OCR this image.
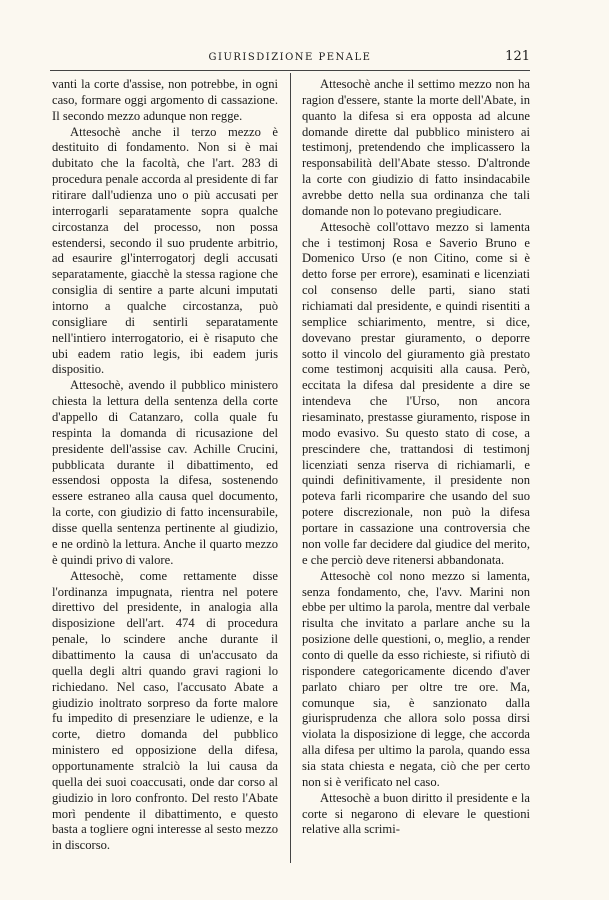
GIURISDIZIONE PENALE	121

vanti la corte d'assise, non potrebbe, in ogni caso, formare oggi argomento di cassazione. Il secondo mezzo adunque non regge.

Attesochè anche il terzo mezzo è destituito di fondamento. Non si è mai dubitato che la facoltà, che l'art. 283 di procedura penale accorda al presidente di far ritirare dall'udienza uno o più accusati per interrogarli separatamente sopra qualche circostanza del processo, non possa estendersi, secondo il suo prudente arbitrio, ad esaurire gl'interrogatorj degli accusati separatamente, giacchè la stessa ragione che consiglia di sentire a parte alcuni imputati intorno a qualche circostanza, può consigliare di sentirli separatamente nell'intiero interrogatorio, ei è risaputo che ubi eadem ratio legis, ibi eadem juris dispositio.

Attesochè, avendo il pubblico ministero chiesta la lettura della sentenza della corte d'appello di Catanzaro, colla quale fu respinta la domanda di ricusazione del presidente dell'assise cav. Achille Crucini, pubblicata durante il dibattimento, ed essendosi opposta la difesa, sostenendo essere estraneo alla causa quel documento, la corte, con giudizio di fatto incensurabile, disse quella sentenza pertinente al giudizio, e ne ordinò la lettura. Anche il quarto mezzo è quindi privo di valore.

Attesochè, come rettamente disse l'ordinanza impugnata, rientra nel potere direttivo del presidente, in analogia alla disposizione dell'art. 474 di procedura penale, lo scindere anche durante il dibattimento la causa di un'accusato da quella degli altri quando gravi ragioni lo richiedano. Nel caso, l'accusato Abate a giudizio inoltrato sorpreso da forte malore fu impedito di presenziare le udienze, e la corte, dietro domanda del pubblico ministero ed opposizione della difesa, opportunamente stralciò la lui causa da quella dei suoi coaccusati, onde dar corso al giudizio in loro confronto. Del resto l'Abate morì pendente il dibattimento, e questo basta a togliere ogni interesse al sesto mezzo in discorso.

Attesochè anche il settimo mezzo non ha ragion d'essere, stante la morte dell'Abate, in quanto la difesa si era opposta ad alcune domande dirette dal pubblico ministero ai testimonj, pretendendo che implicassero la responsabilità dell'Abate stesso. D'altronde la corte con giudizio di fatto insindacabile avrebbe detto nella sua ordinanza che tali domande non lo potevano pregiudicare.

Attesochè coll'ottavo mezzo si lamenta che i testimonj Rosa e Saverio Bruno e Domenico Urso (e non Citino, come si è detto forse per errore), esaminati e licenziati col consenso delle parti, siano stati richiamati dal presidente, e quindi risentiti a semplice schiarimento, mentre, si dice, dovevano prestar giuramento, o deporre sotto il vincolo del giuramento già prestato come testimonj acquisiti alla causa. Però, eccitata la difesa dal presidente a dire se intendeva che l'Urso, non ancora riesaminato, prestasse giuramento, rispose in modo evasivo. Su questo stato di cose, a prescindere che, trattandosi di testimonj licenziati senza riserva di richiamarli, e quindi definitivamente, il presidente non poteva farli ricomparire che usando del suo potere discrezionale, non può la difesa portare in cassazione una controversia che non volle far decidere dal giudice del merito, e che perciò deve ritenersi abbandonata.

Attesochè col nono mezzo si lamenta, senza fondamento, che, l'avv. Marini non ebbe per ultimo la parola, mentre dal verbale risulta che invitato a parlare anche su la posizione delle questioni, o, meglio, a render conto di quelle da esso richieste, si rifiutò di rispondere categoricamente dicendo d'aver parlato chiaro per oltre tre ore. Ma, comunque sia, è sanzionato dalla giurisprudenza che allora solo possa dirsi violata la disposizione di legge, che accorda alla difesa per ultimo la parola, quando essa sia stata chiesta e negata, ciò che per certo non si è verificato nel caso.

Attesochè a buon diritto il presidente e la corte si negarono di elevare le questioni relative alla scrimi-
